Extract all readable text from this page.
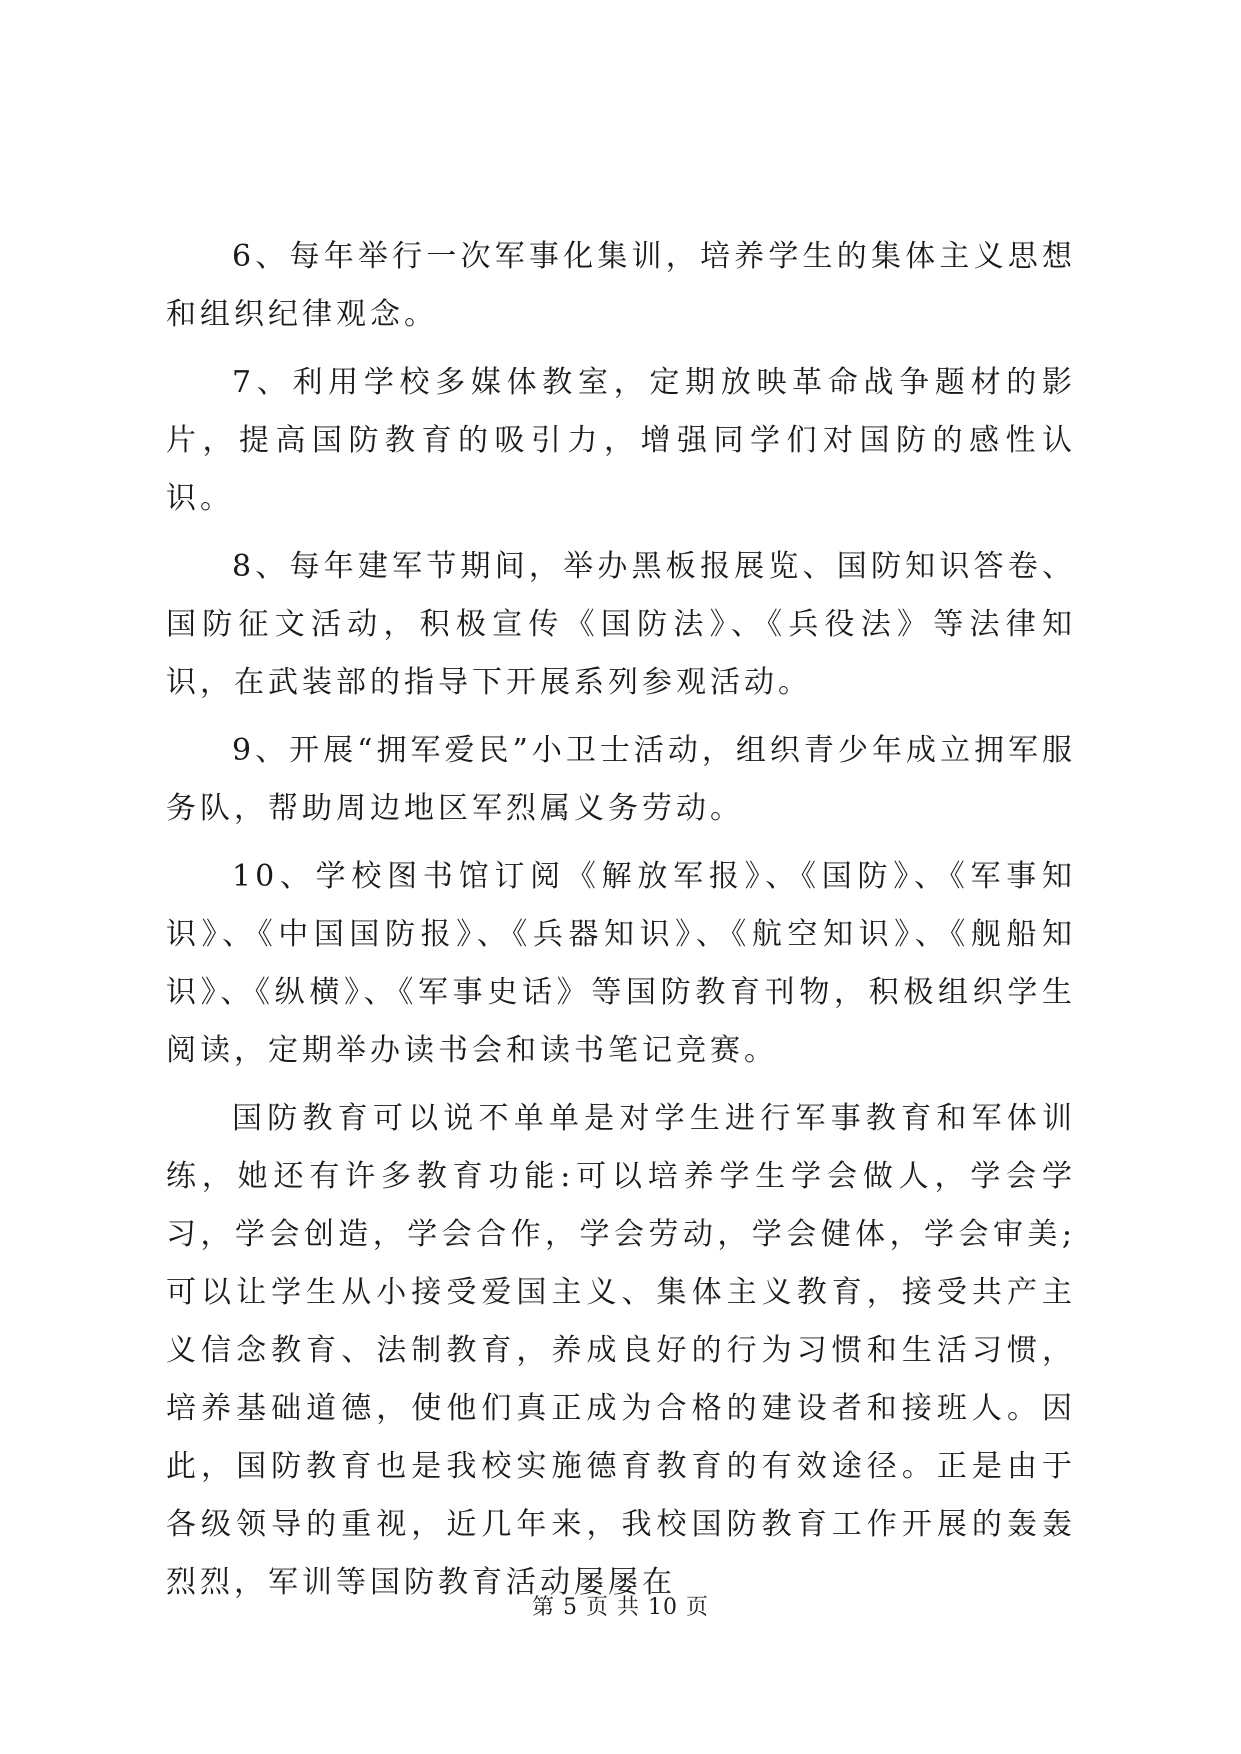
6、每年举行一次军事化集训，培养学生的集体主义思想和组织纪律观念。

7、利用学校多媒体教室，定期放映革命战争题材的影片，提高国防教育的吸引力，增强同学们对国防的感性认识。

8、每年建军节期间，举办黑板报展览、国防知识答卷、国防征文活动，积极宣传《国防法》、《兵役法》等法律知识，在武装部的指导下开展系列参观活动。

9、开展“拥军爱民”小卫士活动，组织青少年成立拥军服务队，帮助周边地区军烈属义务劳动。

10、学校图书馆订阅《解放军报》、《国防》、《军事知识》、《中国国防报》、《兵器知识》、《航空知识》、《舰船知识》、《纵横》、《军事史话》等国防教育刊物，积极组织学生阅读，定期举办读书会和读书笔记竞赛。

国防教育可以说不单单是对学生进行军事教育和军体训练，她还有许多教育功能:可以培养学生学会做人，学会学习，学会创造，学会合作，学会劳动，学会健体，学会审美;可以让学生从小接受爱国主义、集体主义教育，接受共产主义信念教育、法制教育，养成良好的行为习惯和生活习惯，培养基础道德，使他们真正成为合格的建设者和接班人。因此，国防教育也是我校实施德育教育的有效途径。正是由于各级领导的重视，近几年来，我校国防教育工作开展的轰轰烈烈，军训等国防教育活动屡屡在

第 5 页 共 10 页
